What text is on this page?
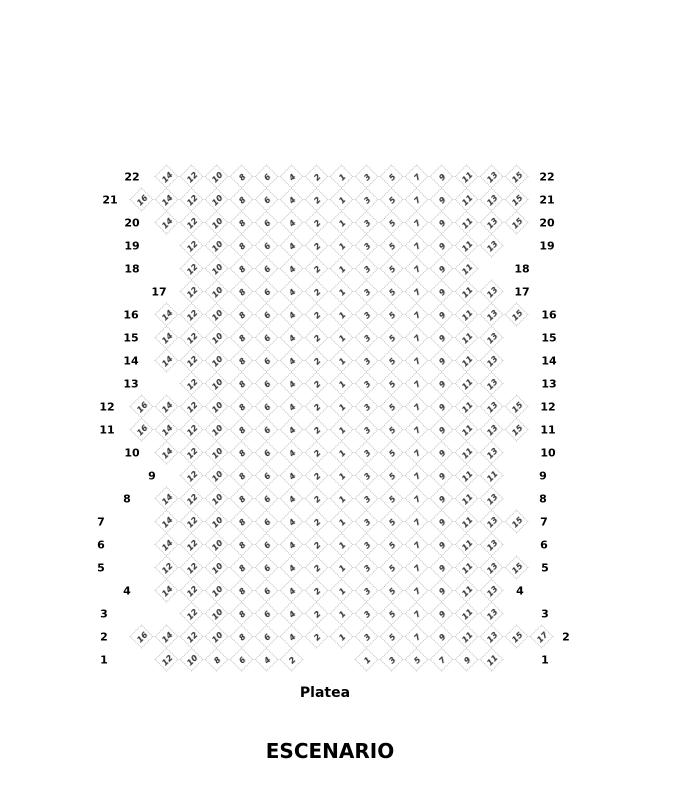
22	22
14	12	10	8	6	4	2	1	3	5	7	9	11	13	15
21	21
16	14	12	10	8	6	4	2	1	3	5	7	9	11	13	15
20	20
14	12	10	8	6	4	2	1	3	5	7	9	11	13	15
19	19
12	10	8	6	4	2	1	3	5	7	9	11	13
18	18
12	10	8	6	4	2	1	3	5	7	9	11
17	17
12	10	8	6	4	2	1	3	5	7	9	11	13
16	16
14	12	10	8	6	4	2	1	3	5	7	9	11	13	15
15	15
14	12	10	8	6	4	2	1	3	5	7	9	11	13
14	14
14	12	10	8	6	4	2	1	3	5	7	9	11	13
13	13
12	10	8	6	4	2	1	3	5	7	9	11	13
12	12
16	14	12	10	8	6	4	2	1	3	5	7	9	11	13	15
11	11
16	14	12	10	8	6	4	2	1	3	5	7	9	11	13	15
10	10
14	12	10	8	6	4	2	1	3	5	7	9	11	13
9	9
12	10	8	6	4	2	1	3	5	7	9	11	11
8	8
14	12	10	8	6	4	2	1	3	5	7	9	11	13
7	7
14	12	10	8	6	4	2	1	3	5	7	9	11	13	15
6	6
14	12	10	8	6	4	2	1	3	5	7	9	11	13
5	5
12	12	10	8	6	4	2	1	3	5	7	9	11	13	15
4	4
14	12	10	8	6	4	2	1	3	5	7	9	11	13
3	3
12	10	8	6	4	2	1	3	5	7	9	11	13
2	2
16	14	12	10	8	6	4	2	1	3	5	7	9	11	13	15	17
1	1
12	10	8	6	4	2	1	3	5	7	9	11
Platea
ESCENARIO
